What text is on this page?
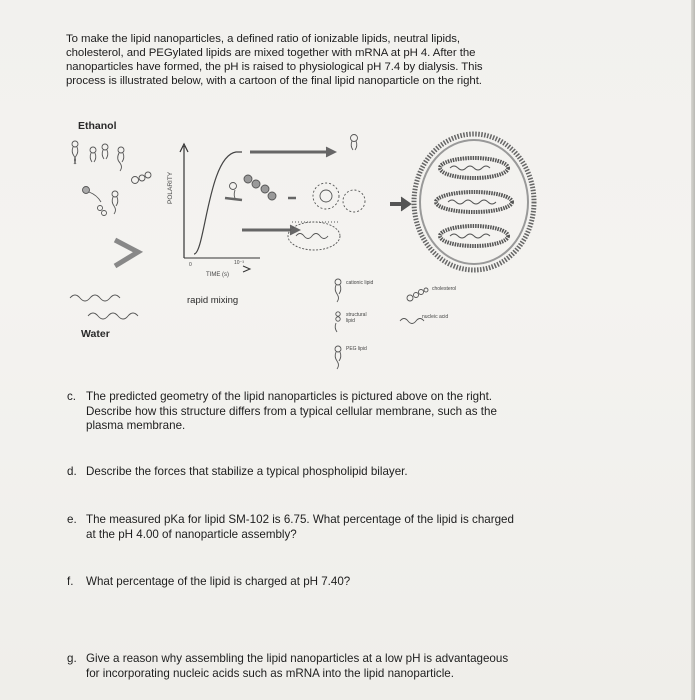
To make the lipid nanoparticles, a defined ratio of ionizable lipids, neutral lipids,
cholesterol, and PEGylated lipids are mixed together with mRNA at pH 4. After the
nanoparticles have formed, the pH is raised to physiological pH 7.4 by dialysis. This
process is illustrated below, with a cartoon of the final lipid nanoparticle on the right.
Ethanol
Water
rapid mixing
TIME (s)
0	10⁻³
POLARITY
cationic lipid
structural lipid
PEG lipid
cholesterol
nucleic acid
c. The predicted geometry of the lipid nanoparticles is pictured above on the right.
Describe how this structure differs from a typical cellular membrane, such as the
plasma membrane.
d. Describe the forces that stabilize a typical phospholipid bilayer.
e. The measured pKa for lipid SM-102 is 6.75. What percentage of the lipid is charged
at the pH 4.00 of nanoparticle assembly?
f. What percentage of the lipid is charged at pH 7.40?
g. Give a reason why assembling the lipid nanoparticles at a low pH is advantageous
for incorporating nucleic acids such as mRNA into the lipid nanoparticle.
